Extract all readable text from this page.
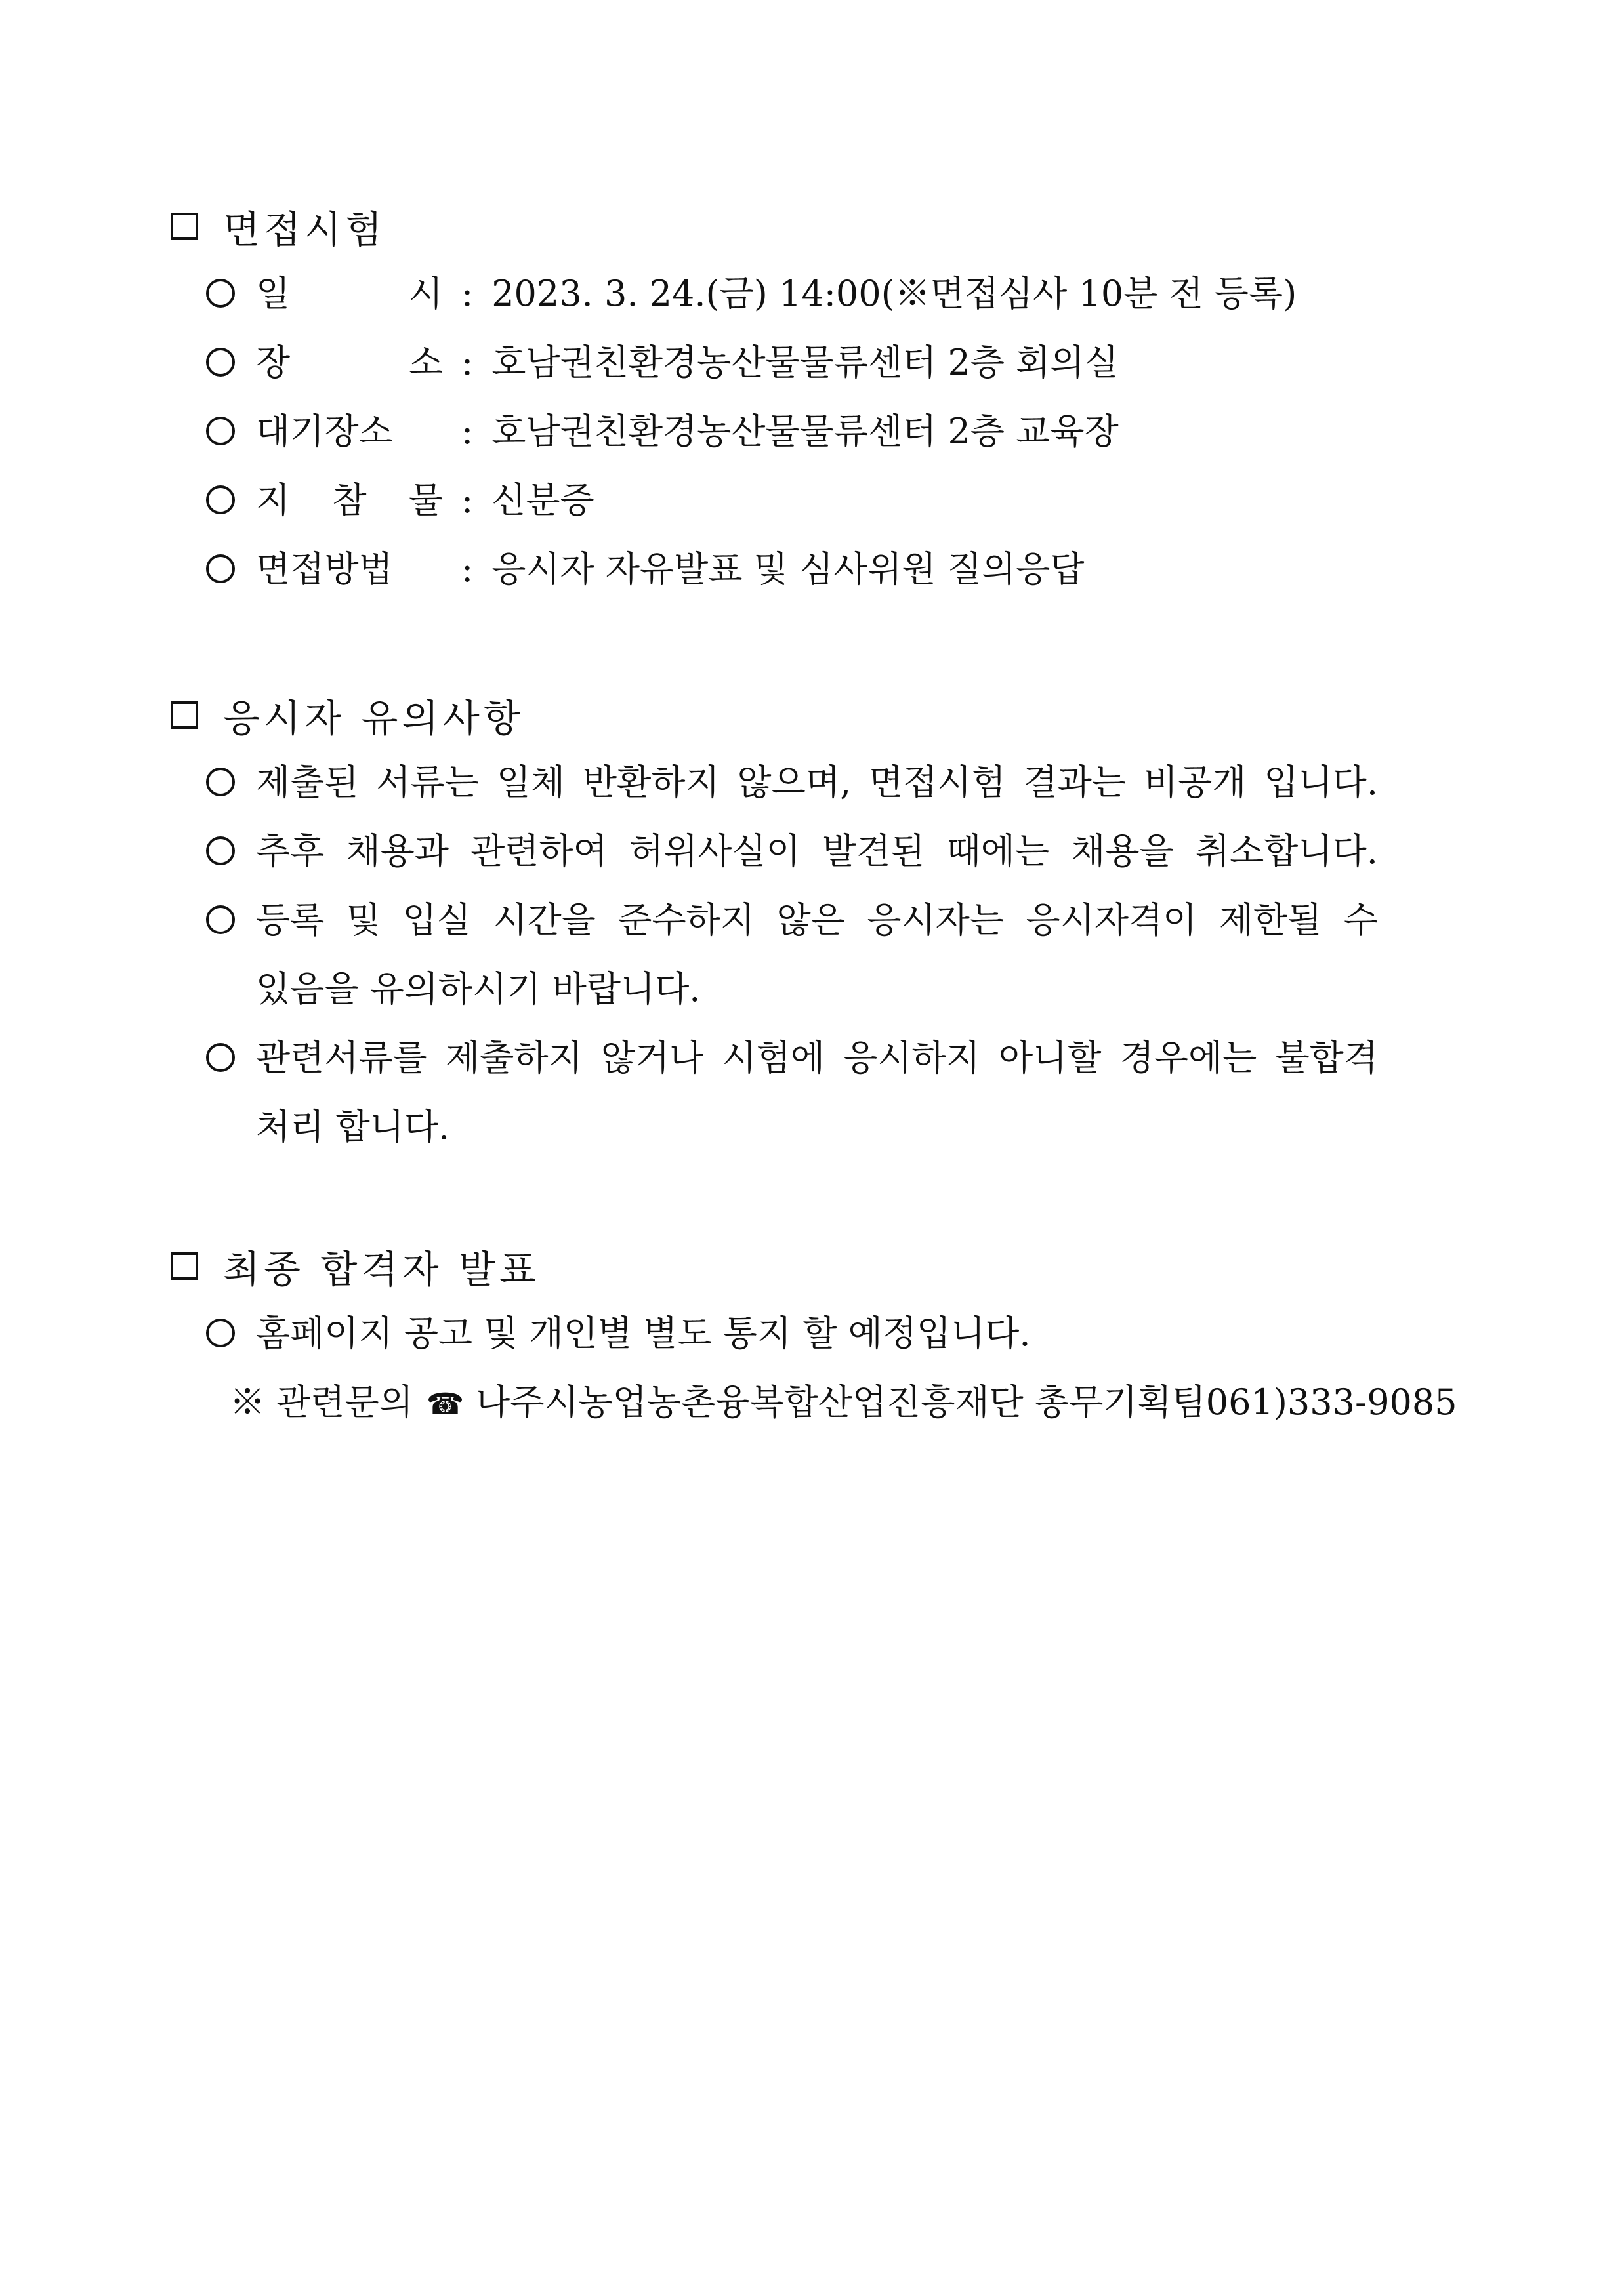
면접시험
일 시 : 2023. 3. 24.(금) 14:00(※면접심사 10분 전 등록)
장 소 : 호남권친환경농산물물류센터 2층 회의실
대기장소 : 호남권친환경농산물물류센터 2층 교육장
지 참 물 : 신분증
면접방법 : 응시자 자유발표 및 심사위원 질의응답
응시자 유의사항
제출된 서류는 일체 반환하지 않으며, 면접시험 결과는 비공개 입니다.
추후 채용과 관련하여 허위사실이 발견된 때에는 채용을 취소합니다.
등록 및 입실 시간을 준수하지 않은 응시자는 응시자격이 제한될 수
있음을 유의하시기 바랍니다.
관련서류를 제출하지 않거나 시험에 응시하지 아니할 경우에는 불합격
처리 합니다.
최종 합격자 발표
홈페이지 공고 및 개인별 별도 통지 할 예정입니다.
※ 관련문의 ☎ 나주시농업농촌융복합산업진흥재단 총무기획팀061)333-9085
